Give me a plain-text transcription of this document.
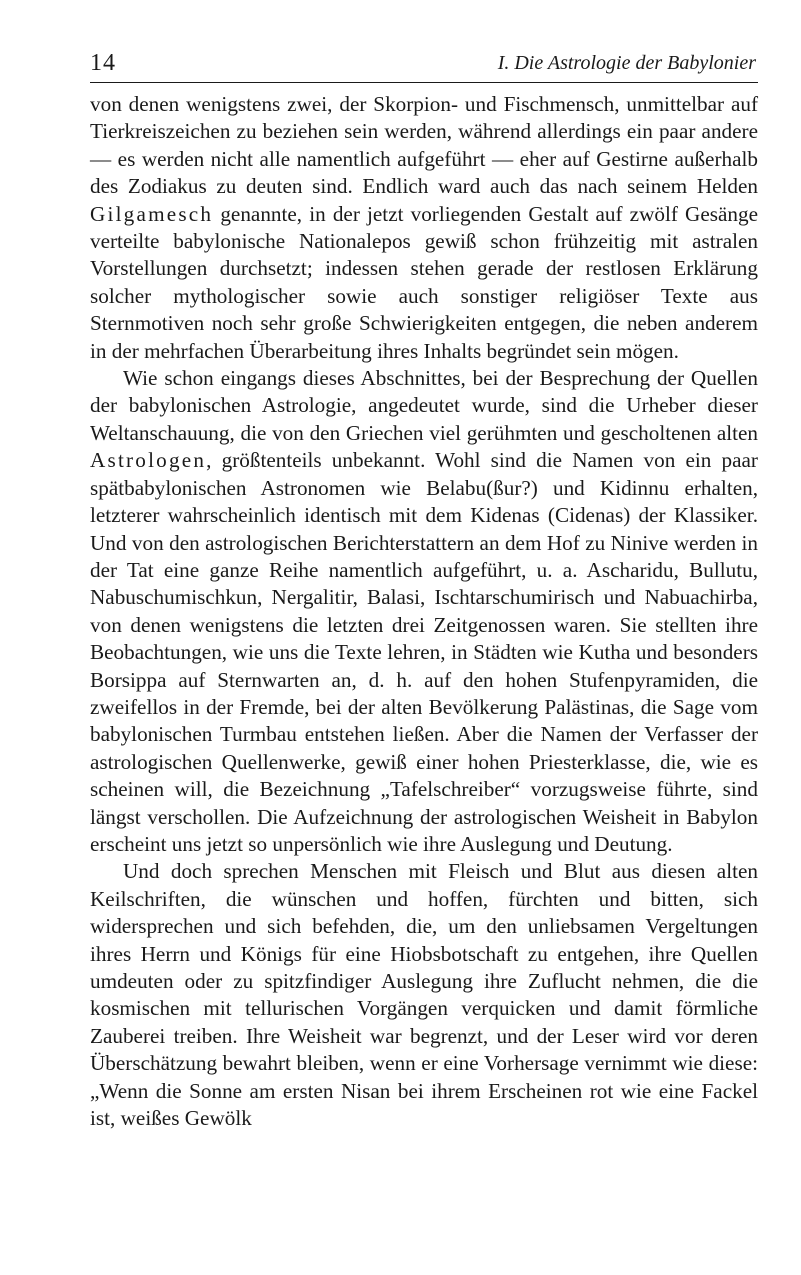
14	I. Die Astrologie der Babylonier

von denen wenigstens zwei, der Skorpion- und Fischmensch, unmittelbar auf Tierkreiszeichen zu beziehen sein werden, während allerdings ein paar andere — es werden nicht alle namentlich aufgeführt — eher auf Gestirne außerhalb des Zodiakus zu deuten sind. Endlich ward auch das nach seinem Helden Gilgamesch genannte, in der jetzt vorliegenden Gestalt auf zwölf Gesänge verteilte babylonische Nationalepos gewiß schon frühzeitig mit astralen Vorstellungen durchsetzt; indessen stehen gerade der restlosen Erklärung solcher mythologischer sowie auch sonstiger religiöser Texte aus Sternmotiven noch sehr große Schwierigkeiten entgegen, die neben anderem in der mehrfachen Überarbeitung ihres Inhalts begründet sein mögen.

Wie schon eingangs dieses Abschnittes, bei der Besprechung der Quellen der babylonischen Astrologie, angedeutet wurde, sind die Urheber dieser Weltanschauung, die von den Griechen viel gerühmten und gescholtenen alten Astrologen, größtenteils unbekannt. Wohl sind die Namen von ein paar spätbabylonischen Astronomen wie Belabu(ßur?) und Kidinnu erhalten, letzterer wahrscheinlich identisch mit dem Kidenas (Cidenas) der Klassiker. Und von den astrologischen Berichterstattern an dem Hof zu Ninive werden in der Tat eine ganze Reihe namentlich aufgeführt, u. a. Ascharidu, Bullutu, Nabuschumischkun, Nergalitir, Balasi, Ischtarschumirisch und Nabuachirba, von denen wenigstens die letzten drei Zeitgenossen waren. Sie stellten ihre Beobachtungen, wie uns die Texte lehren, in Städten wie Kutha und besonders Borsippa auf Sternwarten an, d. h. auf den hohen Stufenpyramiden, die zweifellos in der Fremde, bei der alten Bevölkerung Palästinas, die Sage vom babylonischen Turmbau entstehen ließen. Aber die Namen der Verfasser der astrologischen Quellenwerke, gewiß einer hohen Priesterklasse, die, wie es scheinen will, die Bezeichnung „Tafelschreiber“ vorzugsweise führte, sind längst verschollen. Die Aufzeichnung der astrologischen Weisheit in Babylon erscheint uns jetzt so unpersönlich wie ihre Auslegung und Deutung.

Und doch sprechen Menschen mit Fleisch und Blut aus diesen alten Keilschriften, die wünschen und hoffen, fürchten und bitten, sich widersprechen und sich befehden, die, um den unliebsamen Vergeltungen ihres Herrn und Königs für eine Hiobsbotschaft zu entgehen, ihre Quellen umdeuten oder zu spitzfindiger Auslegung ihre Zuflucht nehmen, die die kosmischen mit tellurischen Vorgängen verquicken und damit förmliche Zauberei treiben. Ihre Weisheit war begrenzt, und der Leser wird vor deren Überschätzung bewahrt bleiben, wenn er eine Vorhersage vernimmt wie diese: „Wenn die Sonne am ersten Nisan bei ihrem Erscheinen rot wie eine Fackel ist, weißes Gewölk
